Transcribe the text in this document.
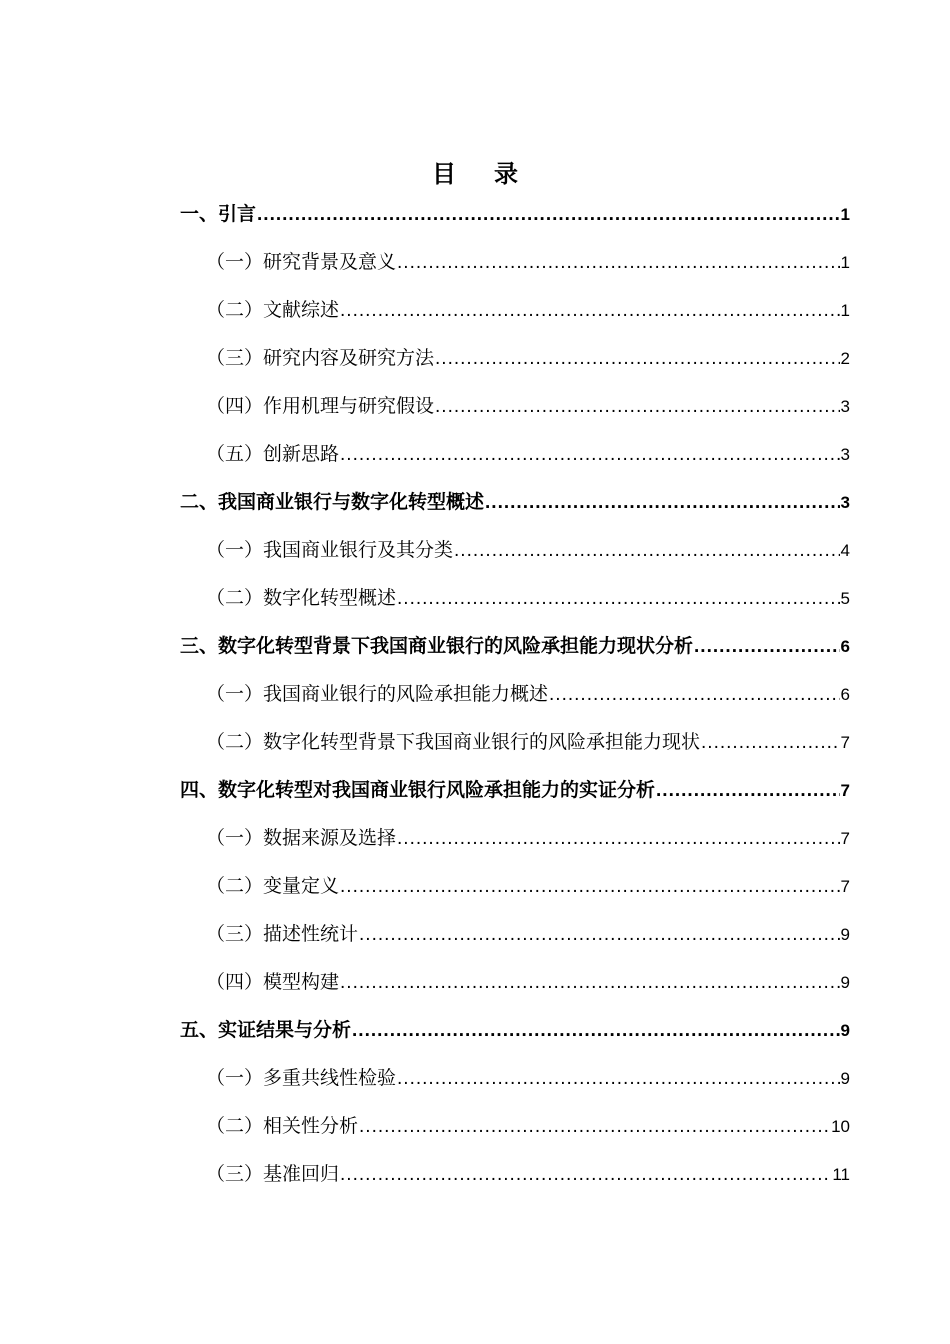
目录
一、引言 .....	1
（一）研究背景及意义 .....	1
（二）文献综述 .....	1
（三）研究内容及研究方法 .....	2
（四）作用机理与研究假设 .....	3
（五）创新思路 .....	3
二、我国商业银行与数字化转型概述 .....	3
（一）我国商业银行及其分类 .....	4
（二）数字化转型概述 .....	5
三、数字化转型背景下我国商业银行的风险承担能力现状分析 .....	6
（一）我国商业银行的风险承担能力概述 .....	6
（二）数字化转型背景下我国商业银行的风险承担能力现状 .....	7
四、数字化转型对我国商业银行风险承担能力的实证分析 .....	7
（一）数据来源及选择 .....	7
（二）变量定义 .....	7
（三）描述性统计 .....	9
（四）模型构建 .....	9
五、实证结果与分析 .....	9
（一）多重共线性检验 .....	9
（二）相关性分析 .....	10
（三）基准回归 .....	11
